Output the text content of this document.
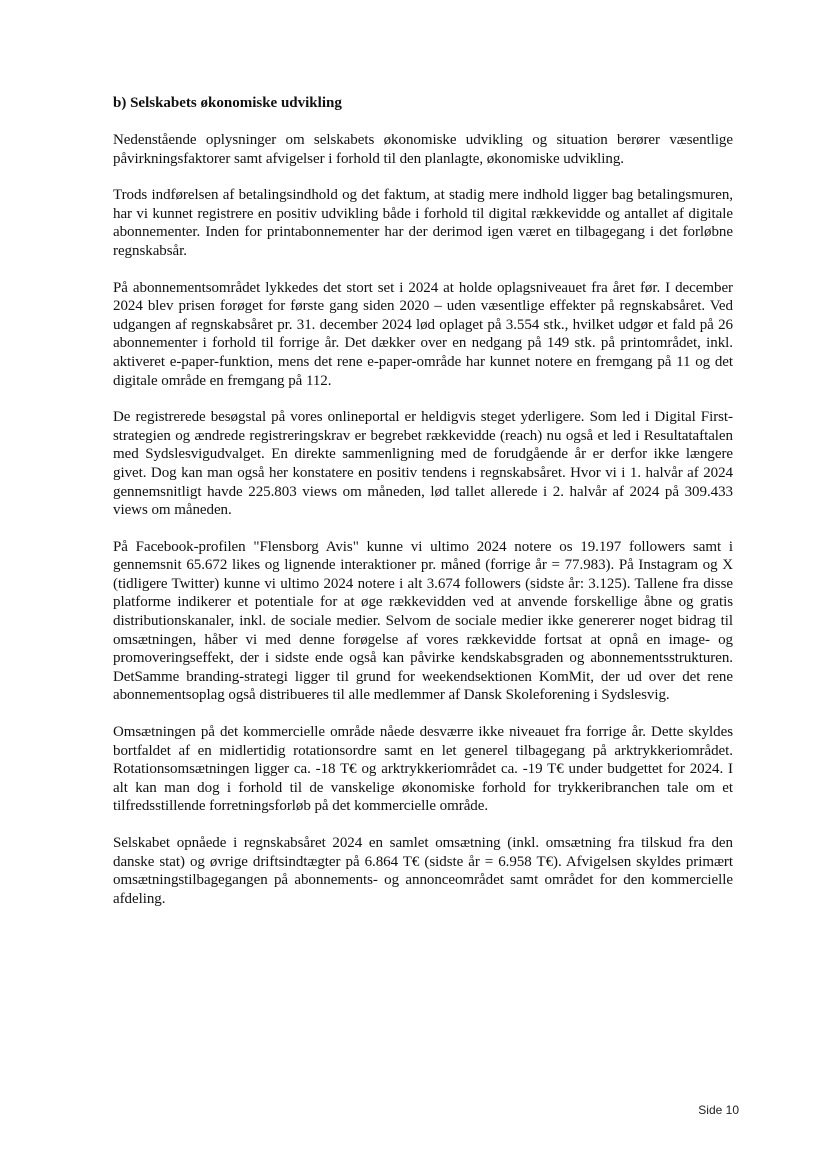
b) Selskabets økonomiske udvikling

Nedenstående oplysninger om selskabets økonomiske udvikling og situation berører væsentlige påvirkningsfaktorer samt afvigelser i forhold til den planlagte, økonomiske udvikling.

Trods indførelsen af betalingsindhold og det faktum, at stadig mere indhold ligger bag betalingsmuren, har vi kunnet registrere en positiv udvikling både i forhold til digital rækkevidde og antallet af digitale abonnementer. Inden for printabonnementer har der derimod igen været en tilbagegang i det forløbne regnskabsår.

På abonnementsområdet lykkedes det stort set i 2024 at holde oplagsniveauet fra året før. I december 2024 blev prisen forøget for første gang siden 2020 – uden væsentlige effekter på regnskabsåret. Ved udgangen af regnskabsåret pr. 31. december 2024 lød oplaget på 3.554 stk., hvilket udgør et fald på 26 abonnementer i forhold til forrige år. Det dækker over en nedgang på 149 stk. på printområdet, inkl. aktiveret e-paper-funktion, mens det rene e-paper-område har kunnet notere en fremgang på 11 og det digitale område en fremgang på 112.

De registrerede besøgstal på vores onlineportal er heldigvis steget yderligere. Som led i Digital First-strategien og ændrede registreringskrav er begrebet rækkevidde (reach) nu også et led i Resultataftalen med Sydslesvigudvalget. En direkte sammenligning med de forudgående år er derfor ikke længere givet. Dog kan man også her konstatere en positiv tendens i regnskabsåret. Hvor vi i 1. halvår af 2024 gennemsnitligt havde 225.803 views om måneden, lød tallet allerede i 2. halvår af 2024 på 309.433 views om måneden.

På Facebook-profilen "Flensborg Avis" kunne vi ultimo 2024 notere os 19.197 followers samt i gennemsnit 65.672 likes og lignende interaktioner pr. måned (forrige år = 77.983). På Instagram og X (tidligere Twitter) kunne vi ultimo 2024 notere i alt 3.674 followers (sidste år: 3.125). Tallene fra disse platforme indikerer et potentiale for at øge rækkevidden ved at anvende forskellige åbne og gratis distributionskanaler, inkl. de sociale medier. Selvom de sociale medier ikke genererer noget bidrag til omsætningen, håber vi med denne forøgelse af vores rækkevidde fortsat at opnå en image- og promoveringseffekt, der i sidste ende også kan påvirke kendskabsgraden og abonnementsstrukturen. DetSamme branding-strategi ligger til grund for weekendsektionen KomMit, der ud over det rene abonnementsoplag også distribueres til alle medlemmer af Dansk Skoleforening i Sydslesvig.

Omsætningen på det kommercielle område nåede desværre ikke niveauet fra forrige år. Dette skyldes bortfaldet af en midlertidig rotationsordre samt en let generel tilbagegang på arktrykkeriområdet. Rotationsomsætningen ligger ca. -18 T€ og arktrykkeriområdet ca. -19 T€ under budgettet for 2024. I alt kan man dog i forhold til de vanskelige økonomiske forhold for trykkeribranchen tale om et tilfredsstillende forretningsforløb på det kommercielle område.

Selskabet opnåede i regnskabsåret 2024 en samlet omsætning (inkl. omsætning fra tilskud fra den danske stat) og øvrige driftsindtægter på 6.864 T€ (sidste år = 6.958 T€). Afvigelsen skyldes primært omsætningstilbagegangen på abonnements- og annonceområdet samt området for den kommercielle afdeling.

Side 10
